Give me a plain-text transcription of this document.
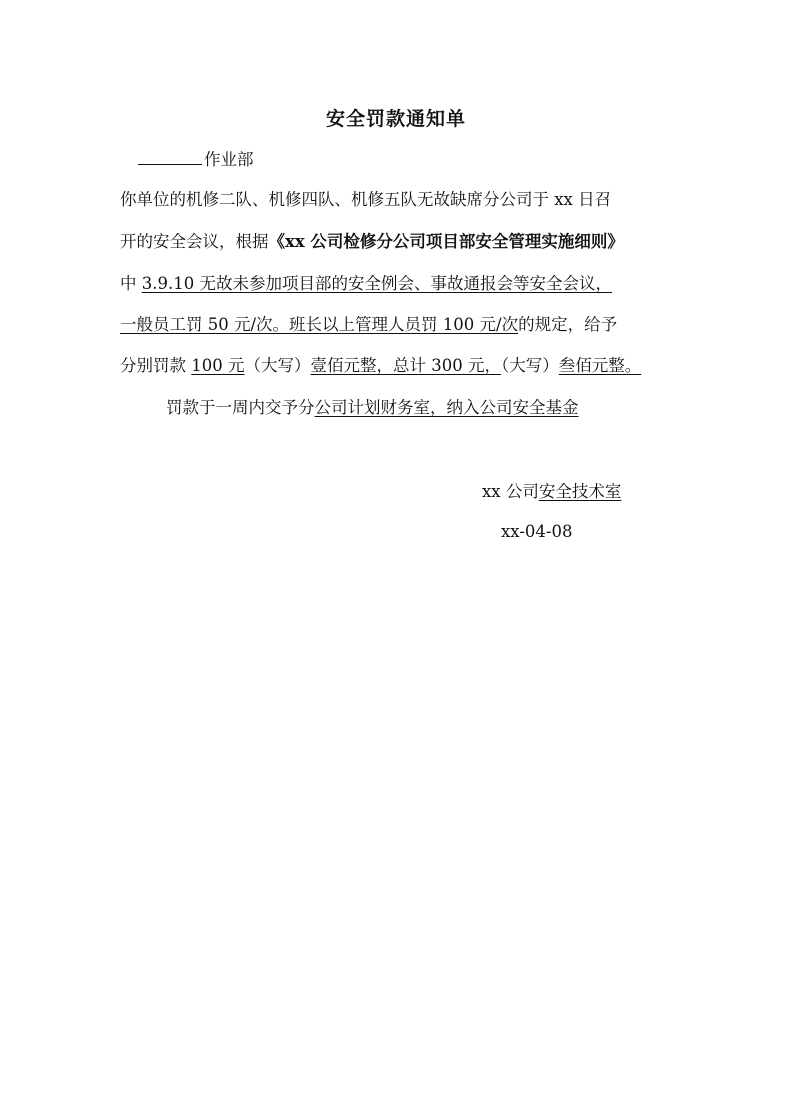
安全罚款通知单
作业部
你单位的机修二队、机修四队、机修五队无故缺席分公司于 xx 日召
开的安全会议，根据《xx 公司检修分公司项目部安全管理实施细则》
中 3.9.10 无故未参加项目部的安全例会、事故通报会等安全会议，
一般员工罚 50 元/次。班长以上管理人员罚 100 元/次的规定，给予
分别罚款 100 元（大写）壹佰元整，总计 300 元，（大写）叁佰元整。
罚款于一周内交予分公司计划财务室，纳入公司安全基金
xx 公司安全技术室
xx-04-08
